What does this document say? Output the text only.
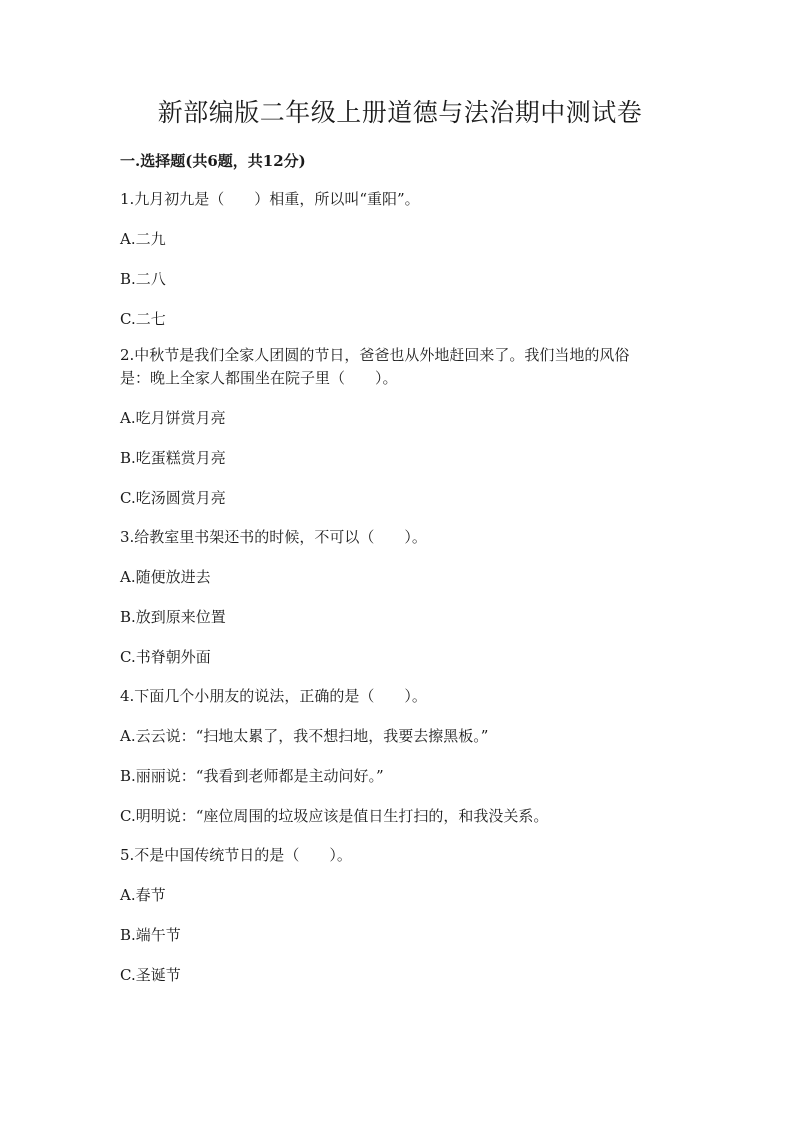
新部编版二年级上册道德与法治期中测试卷
一.选择题(共6题，共12分)
1.九月初九是（　　）相重，所以叫“重阳”。
A.二九
B.二八
C.二七
2.中秋节是我们全家人团圆的节日，爸爸也从外地赶回来了。我们当地的风俗
是：晚上全家人都围坐在院子里（　　）。
A.吃月饼赏月亮
B.吃蛋糕赏月亮
C.吃汤圆赏月亮
3.给教室里书架还书的时候，不可以（　　）。
A.随便放进去
B.放到原来位置
C.书脊朝外面
4.下面几个小朋友的说法，正确的是（　　）。
A.云云说：“扫地太累了，我不想扫地，我要去擦黑板。”
B.丽丽说：“我看到老师都是主动问好。”
C.明明说：“座位周围的垃圾应该是值日生打扫的，和我没关系。
5.不是中国传统节日的是（　　）。
A.春节
B.端午节
C.圣诞节
